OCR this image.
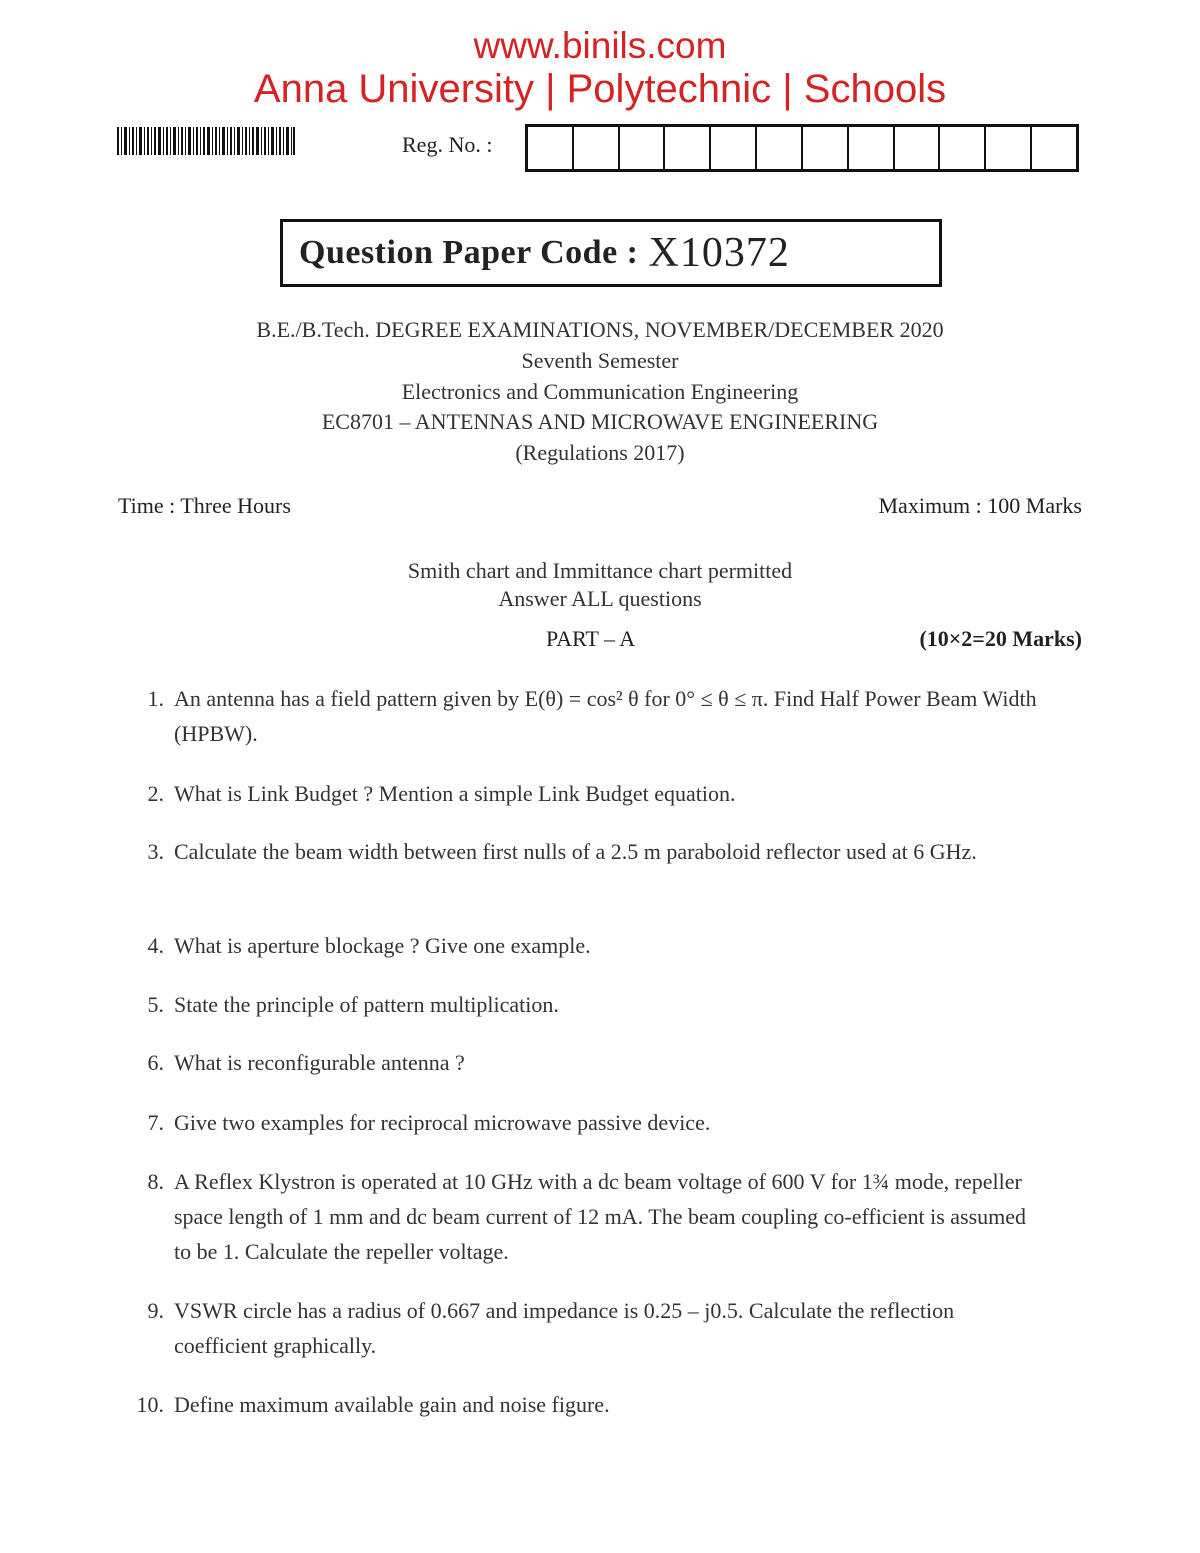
www.binils.com
Anna University | Polytechnic | Schools
Reg. No. :
Question Paper Code : X10372
B.E./B.Tech. DEGREE EXAMINATIONS, NOVEMBER/DECEMBER 2020
Seventh Semester
Electronics and Communication Engineering
EC8701 – ANTENNAS AND MICROWAVE ENGINEERING
(Regulations 2017)
Time : Three Hours	Maximum : 100 Marks
Smith chart and Immittance chart permitted
Answer ALL questions
PART – A	(10×2=20 Marks)
1. An antenna has a field pattern given by E(θ) = cos² θ for 0° ≤ θ ≤ π. Find Half Power Beam Width (HPBW).
2. What is Link Budget ? Mention a simple Link Budget equation.
3. Calculate the beam width between first nulls of a 2.5 m paraboloid reflector used at 6 GHz.
4. What is aperture blockage ? Give one example.
5. State the principle of pattern multiplication.
6. What is reconfigurable antenna ?
7. Give two examples for reciprocal microwave passive device.
8. A Reflex Klystron is operated at 10 GHz with a dc beam voltage of 600 V for 1¾ mode, repeller space length of 1 mm and dc beam current of 12 mA. The beam coupling co-efficient is assumed to be 1. Calculate the repeller voltage.
9. VSWR circle has a radius of 0.667 and impedance is 0.25 – j0.5. Calculate the reflection coefficient graphically.
10. Define maximum available gain and noise figure.
